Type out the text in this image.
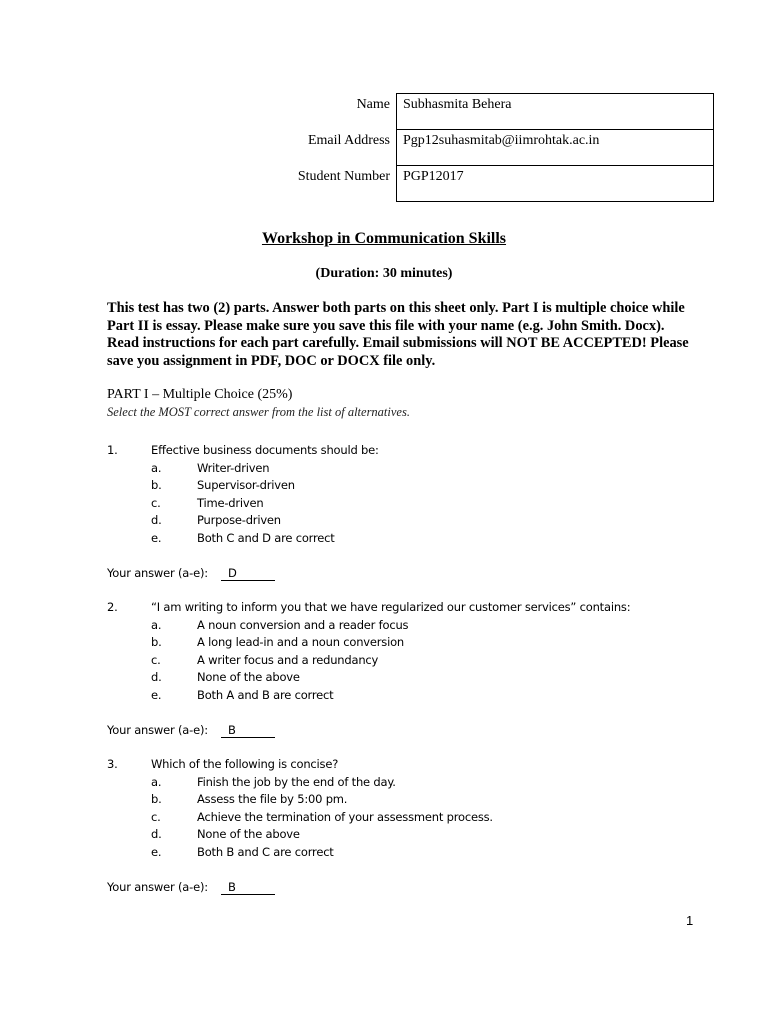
Name	Subhasmita Behera
Email Address	Pgp12suhasmitab@iimrohtak.ac.in
Student Number	PGP12017
Workshop in Communication Skills
(Duration: 30 minutes)

This test has two (2) parts. Answer both parts on this sheet only. Part I is multiple choice while Part II is essay. Please make sure you save this file with your name (e.g. John Smith. Docx). Read instructions for each part carefully. Email submissions will NOT BE ACCEPTED! Please save you assignment in PDF, DOC or DOCX file only.

PART I – Multiple Choice (25%)
Select the MOST correct answer from the list of alternatives.
1.	Effective business documents should be:
a.	Writer-driven
b.	Supervisor-driven
c.	Time-driven
d.	Purpose-driven
e.	Both C and D are correct
Your answer (a-e):	D
2.	“I am writing to inform you that we have regularized our customer services” contains:
a.	A noun conversion and a reader focus
b.	A long lead-in and a noun conversion
c.	A writer focus and a redundancy
d.	None of the above
e.	Both A and B are correct
Your answer (a-e):	B
3.	Which of the following is concise?
a.	Finish the job by the end of the day.
b.	Assess the file by 5:00 pm.
c.	Achieve the termination of your assessment process.
d.	None of the above
e.	Both B and C are correct
Your answer (a-e):	B
1
